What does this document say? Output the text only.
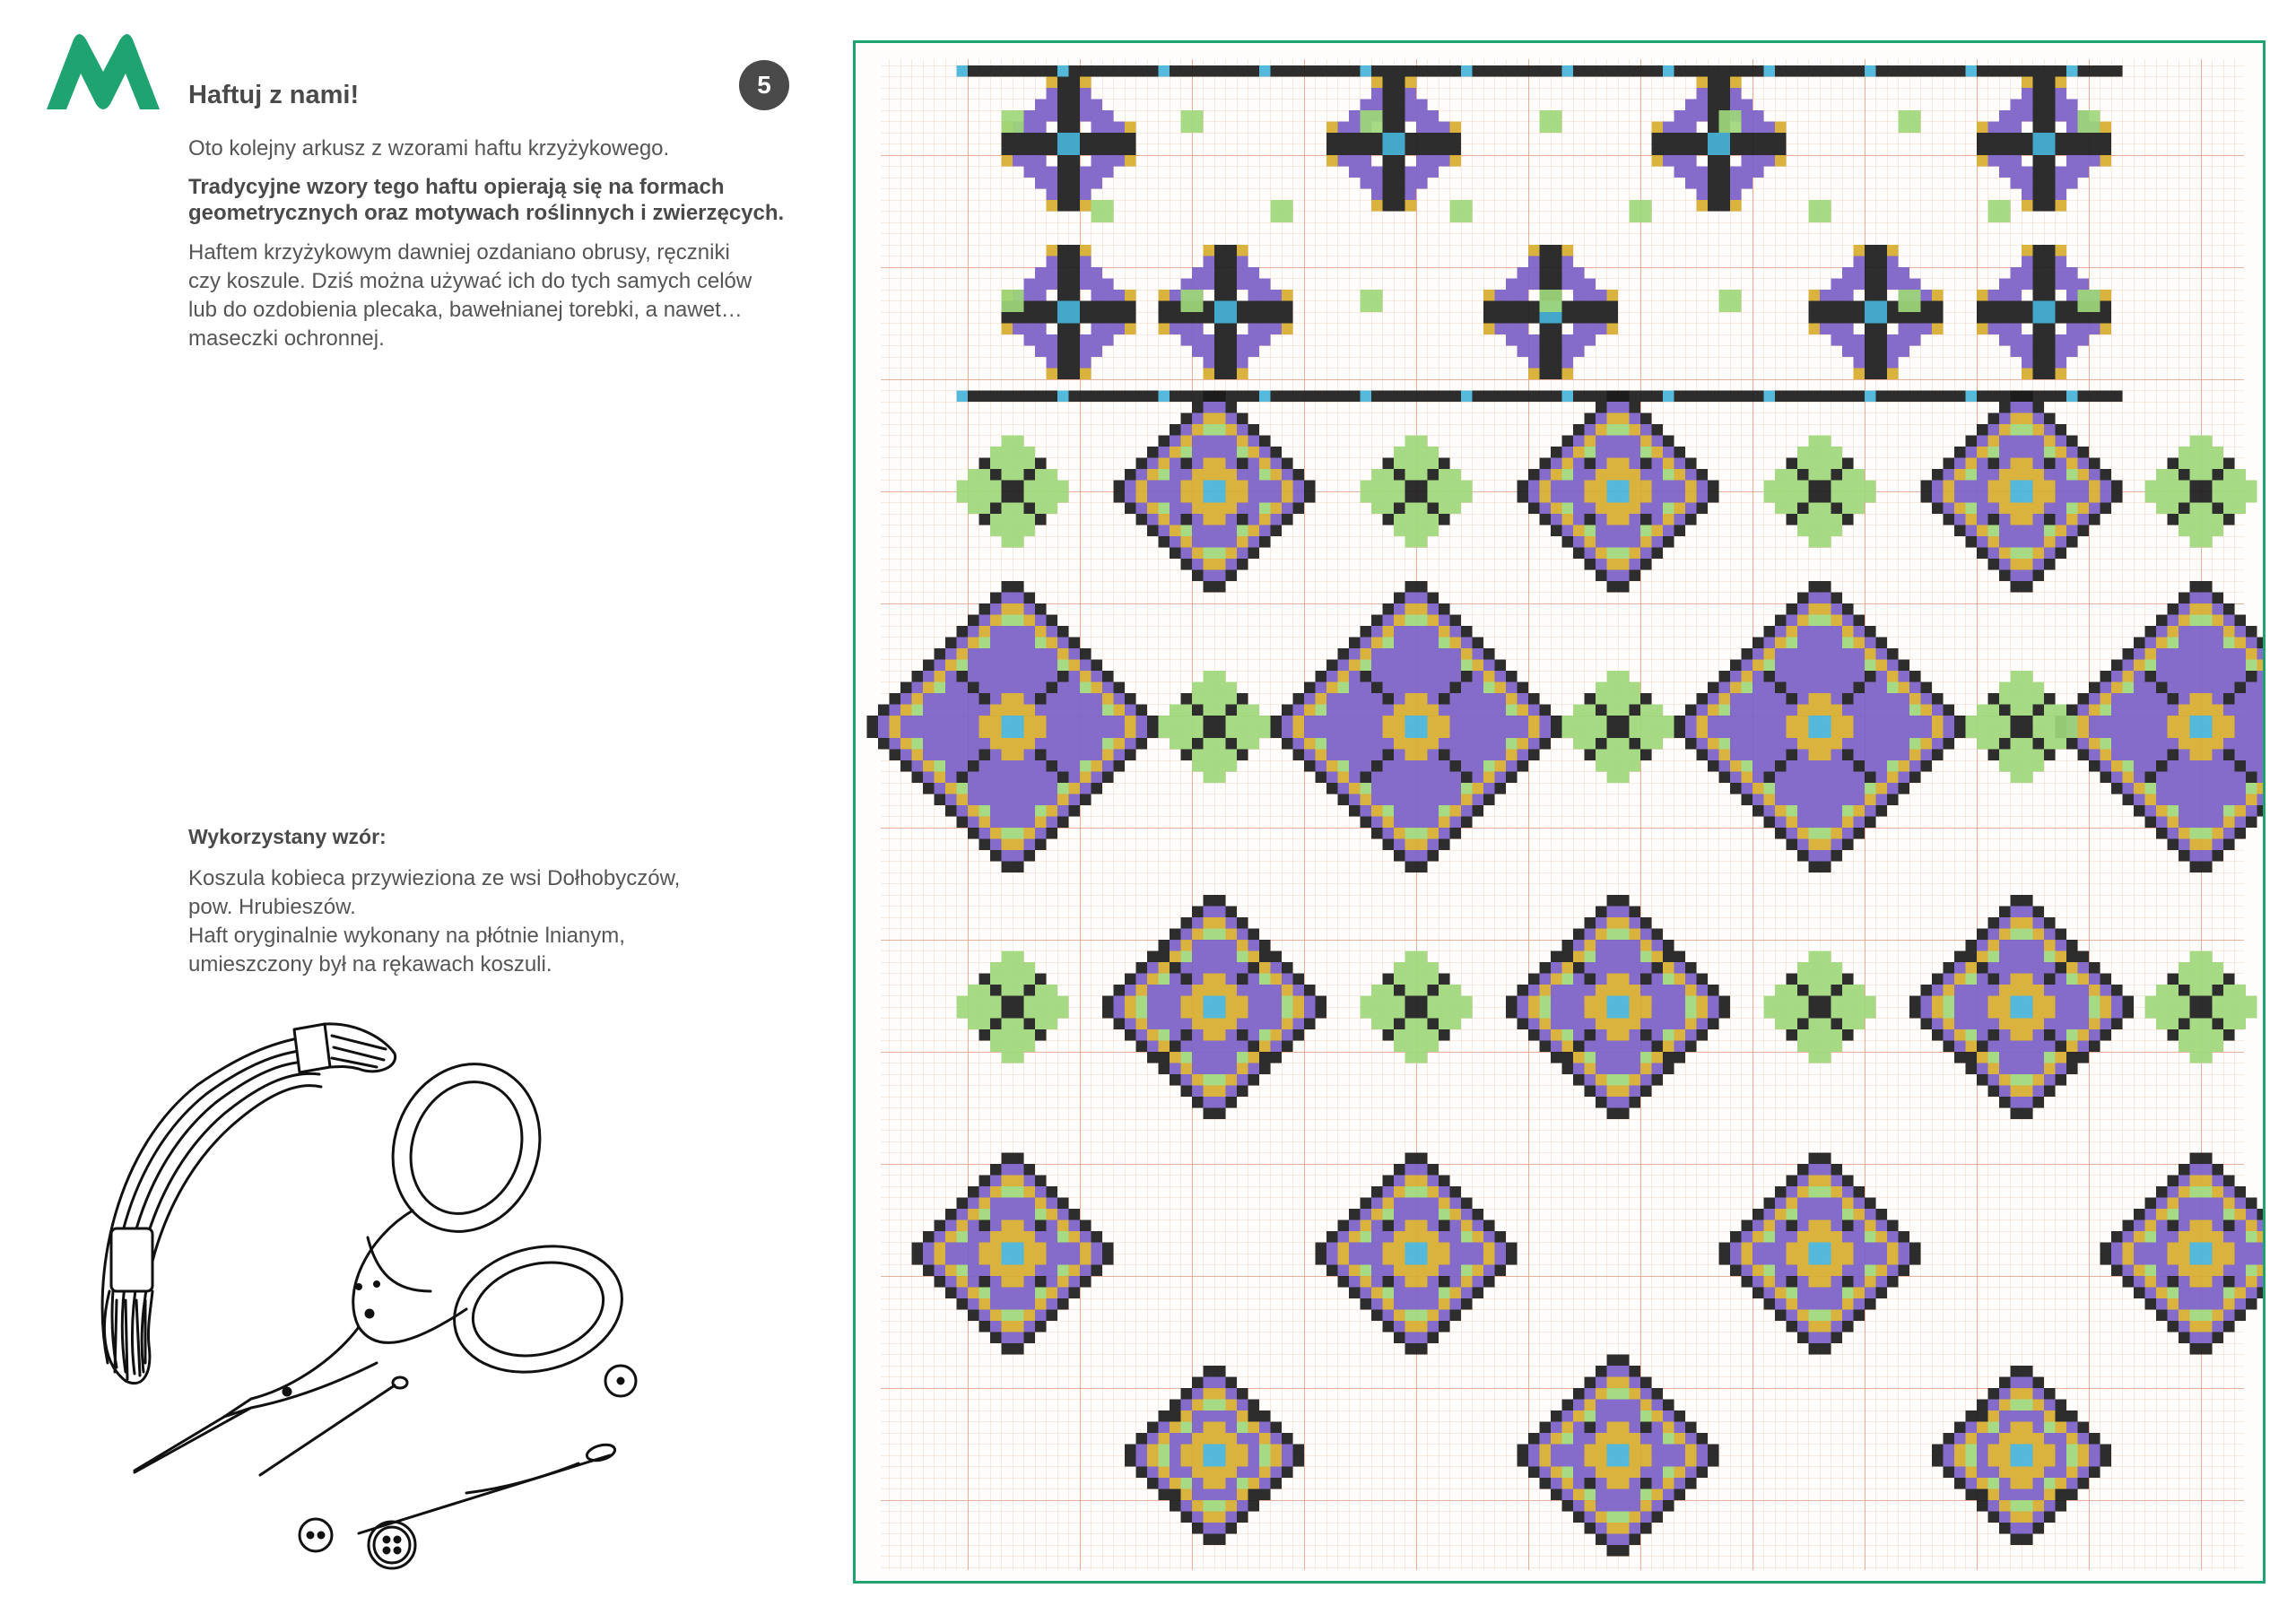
Haftuj z nami!	5
Oto kolejny arkusz z wzorami haftu krzyżykowego.
Tradycyjne wzory tego haftu opierają się na formach
geometrycznych oraz motywach roślinnych i zwierzęcych.
Haftem krzyżykowym dawniej ozdaniano obrusy, ręczniki
czy koszule. Dziś można używać ich do tych samych celów
lub do ozdobienia plecaka, bawełnianej torebki, a nawet…
maseczki ochronnej.
Wykorzystany wzór:
Koszula kobieca przywieziona ze wsi Dołhobyczów,
pow. Hrubieszów.
Haft oryginalnie wykonany na płótnie lnianym,
umieszczony był na rękawach koszuli.
